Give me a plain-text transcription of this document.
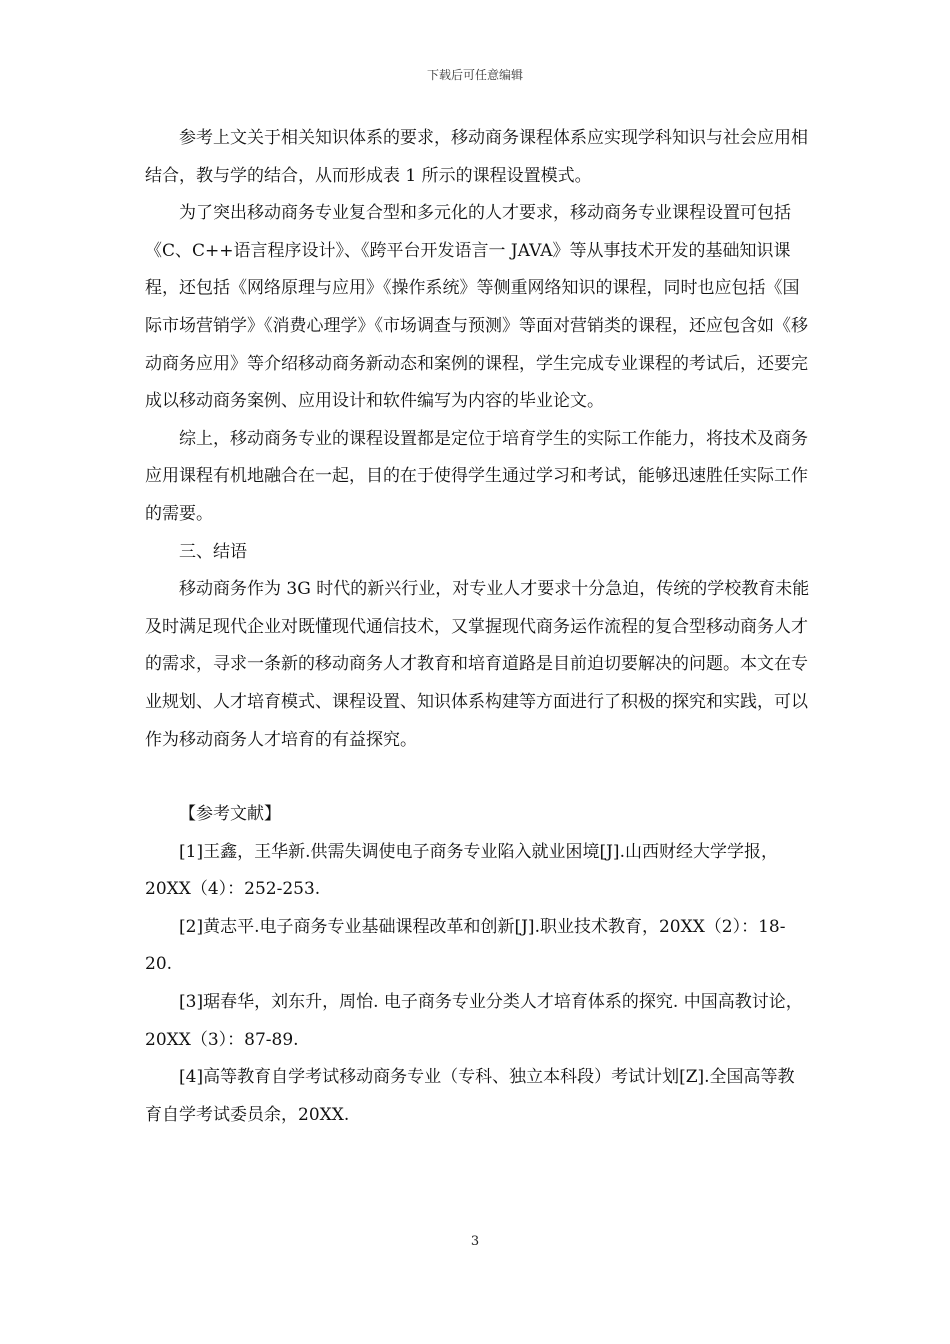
下载后可任意编辑

参考上文关于相关知识体系的要求，移动商务课程体系应实现学科知识与社会应用相结合，教与学的结合，从而形成表 1 所示的课程设置模式。

为了突出移动商务专业复合型和多元化的人才要求，移动商务专业课程设置可包括《C、C++语言程序设计》、《跨平台开发语言一 JAVA》等从事技术开发的基础知识课程，还包括《网络原理与应用》《操作系统》等侧重网络知识的课程，同时也应包括《国际市场营销学》《消费心理学》《市场调查与预测》等面对营销类的课程，还应包含如《移动商务应用》等介绍移动商务新动态和案例的课程，学生完成专业课程的考试后，还要完成以移动商务案例、应用设计和软件编写为内容的毕业论文。

综上，移动商务专业的课程设置都是定位于培育学生的实际工作能力，将技术及商务应用课程有机地融合在一起，目的在于使得学生通过学习和考试，能够迅速胜任实际工作的需要。

三、结语

移动商务作为 3G 时代的新兴行业，对专业人才要求十分急迫，传统的学校教育未能及时满足现代企业对既懂现代通信技术，又掌握现代商务运作流程的复合型移动商务人才的需求，寻求一条新的移动商务人才教育和培育道路是目前迫切要解决的问题。本文在专业规划、人才培育模式、课程设置、知识体系构建等方面进行了积极的探究和实践，可以作为移动商务人才培育的有益探究。

【参考文献】

[1]王鑫，王华新.供需失调使电子商务专业陷入就业困境[J].山西财经大学学报，20XX（4）：252-253.

[2]黄志平.电子商务专业基础课程改革和创新[J].职业技术教育，20XX（2）：18-20.

[3]琚春华，刘东升，周怡. 电子商务专业分类人才培育体系的探究. 中国高教讨论，20XX（3）：87-89.

[4]高等教育自学考试移动商务专业（专科、独立本科段）考试计划[Z].全国高等教育自学考试委员余，20XX.

3
